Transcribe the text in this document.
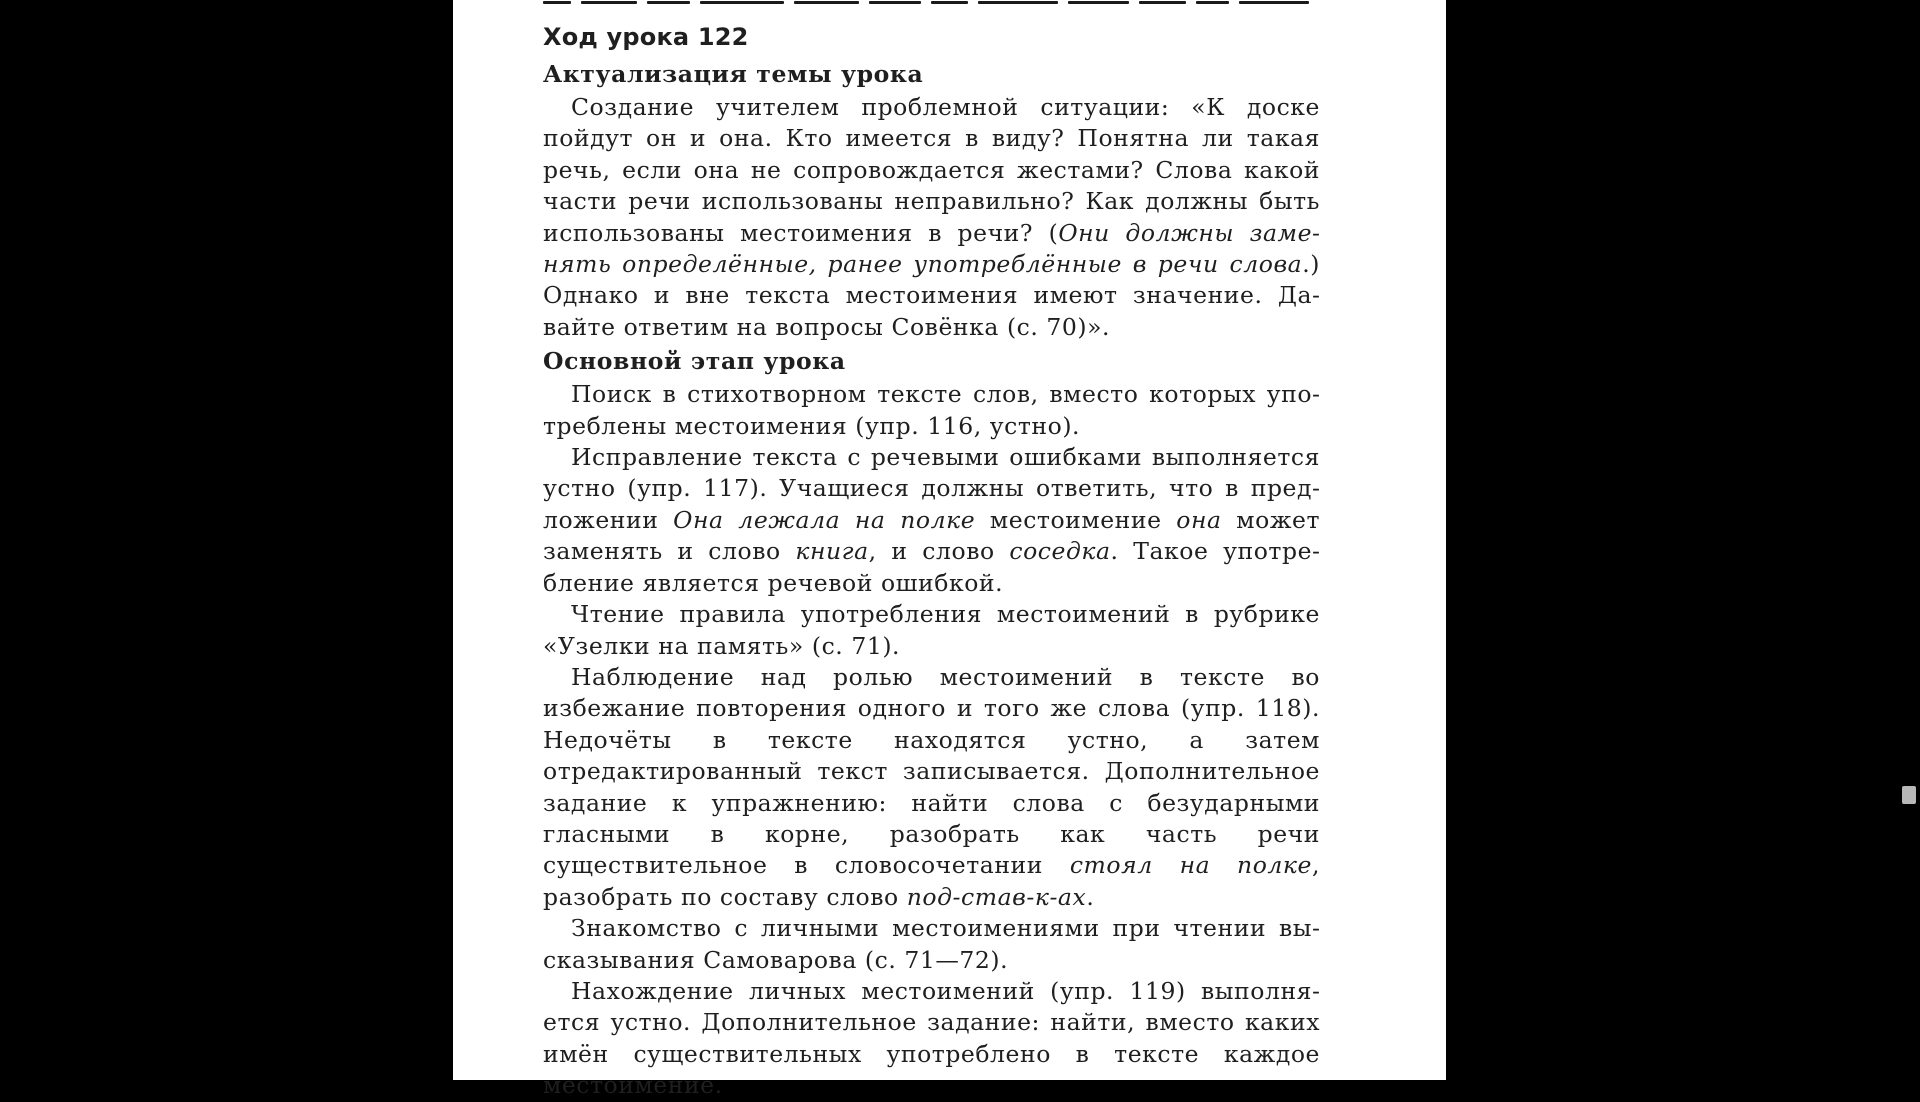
Ход урока 122
Актуализация темы урока

Создание учителем проблемной ситуации: «К доске пойдут он и она. Кто имеется в виду? Понятна ли такая речь, если она не сопровождается жестами? Слова какой части речи использованы неправильно? Как должны быть использованы местоимения в речи? (Они должны заменять определённые, ранее употреблённые в речи слова.) Однако и вне текста местоимения имеют значение. Давайте ответим на вопросы Совёнка (с. 70)».

Основной этап урока

Поиск в стихотворном тексте слов, вместо которых употреблены местоимения (упр. 116, устно).

Исправление текста с речевыми ошибками выполняется устно (упр. 117). Учащиеся должны ответить, что в предложении Она лежала на полке местоимение она может заменять и слово книга, и слово соседка. Такое употребление является речевой ошибкой.

Чтение правила употребления местоимений в рубрике «Узелки на память» (с. 71).

Наблюдение над ролью местоимений в тексте во избежание повторения одного и того же слова (упр. 118). Недочёты в тексте находятся устно, а затем отредактированный текст записывается. Дополнительное задание к упражнению: найти слова с безударными гласными в корне, разобрать как часть речи существительное в словосочетании стоял на полке, разобрать по составу слово под-став-к-ах.

Знакомство с личными местоимениями при чтении высказывания Самоварова (с. 71—72).

Нахождение личных местоимений (упр. 119) выполняется устно. Дополнительное задание: найти, вместо каких имён существительных употреблено в тексте каждое местоимение.
